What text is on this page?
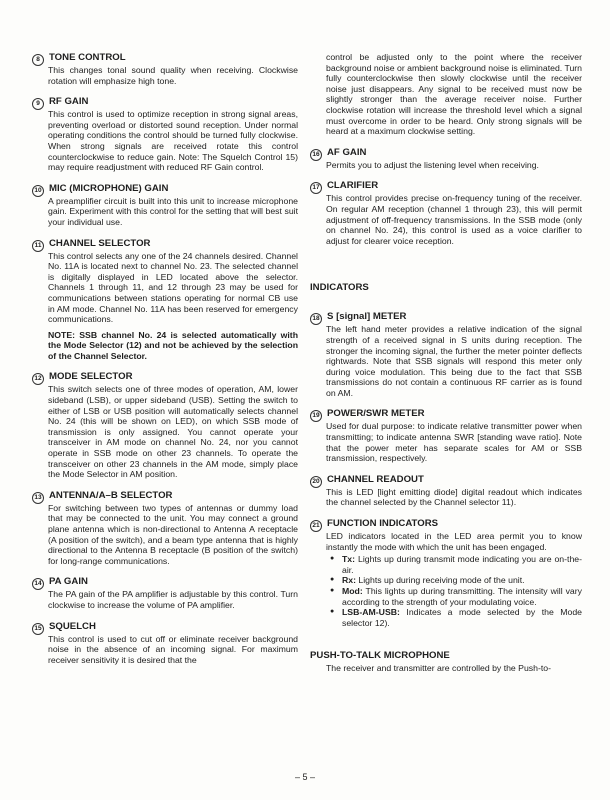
8 TONE CONTROL

This changes tonal sound quality when receiving. Clockwise rotation will emphasize high tone.

9 RF GAIN

This control is used to optimize reception in strong signal areas, preventing overload or distorted sound reception. Under normal operating conditions the control should be turned fully clockwise. When strong signals are received rotate this control counterclockwise to reduce gain. Note: The Squelch Control 15) may require readjustment with reduced RF Gain control.

10 MIC (MICROPHONE) GAIN

A preamplifier circuit is built into this unit to increase microphone gain. Experiment with this control for the setting that will best suit your individual use.

11 CHANNEL SELECTOR

This control selects any one of the 24 channels desired. Channel No. 11A is located next to channel No. 23. The selected channel is digitally displayed in LED located above the selector. Channels 1 through 11, and 12 through 23 may be used for communications between stations operating for normal CB use in AM mode. Channel No. 11A has been reserved for emergency communications.

NOTE: SSB channel No. 24 is selected automatically with the Mode Selector (12) and not be achieved by the selection of the Channel Selector.

12 MODE SELECTOR

This switch selects one of three modes of operation, AM, lower sideband (LSB), or upper sideband (USB). Setting the switch to either of LSB or USB position will automatically selects channel No. 24 (this will be shown on LED), on which SSB mode of transmission is only assigned. You cannot operate your transceiver in AM mode on channel No. 24, nor you cannot operate in SSB mode on other 23 channels. To operate the transceiver on other 23 channels in the AM mode, simply place the Mode Selector in AM position.

13 ANTENNA/A–B SELECTOR

For switching between two types of antennas or dummy load that may be connected to the unit. You may connect a ground plane antenna which is non-directional to Antenna A receptacle (A position of the switch), and a beam type antenna that is highly directional to the Antenna B receptacle (B position of the switch) for long-range communications.

14 PA GAIN

The PA gain of the PA amplifier is adjustable by this control. Turn clockwise to increase the volume of PA amplifier.

15 SQUELCH

This control is used to cut off or eliminate receiver background noise in the absence of an incoming signal. For maximum receiver sensitivity it is desired that the

control be adjusted only to the point where the receiver background noise or ambient background noise is eliminated. Turn fully counterclockwise then slowly clockwise until the receiver noise just disappears. Any signal to be received must now be slightly stronger than the average receiver noise. Further clockwise rotation will increase the threshold level which a signal must overcome in order to be heard. Only strong signals will be heard at a maximum clockwise setting.

16 AF GAIN

Permits you to adjust the listening level when receiving.

17 CLARIFIER

This control provides precise on-frequency tuning of the receiver. On regular AM reception (channel 1 through 23), this will permit adjustment of off-frequency transmissions. In the SSB mode (only on channel No. 24), this control is used as a voice clarifier to adjust for clearer voice reception.

INDICATORS
18 S [signal] METER

The left hand meter provides a relative indication of the signal strength of a received signal in S units during reception. The stronger the incoming signal, the further the meter pointer deflects rightwards. Note that SSB signals will respond this meter only during voice modulation. This being due to the fact that SSB transmissions do not contain a continuous RF carrier as is found on AM.

19 POWER/SWR METER

Used for dual purpose: to indicate relative transmitter power when transmitting; to indicate antenna SWR [standing wave ratio]. Note that the power meter has separate scales for AM or SSB transmission, respectively.

20 CHANNEL READOUT

This is LED [light emitting diode] digital readout which indicates the channel selected by the Channel selector 11).

21 FUNCTION INDICATORS

LED indicators located in the LED area permit you to know instantly the mode with which the unit has been engaged.

● Tx: Lights up during transmit mode indicating you are on-the-air.
● Rx: Lights up during receiving mode of the unit.
● Mod: This lights up during transmitting. The intensity will vary according to the strength of your modulating voice.
● LSB-AM-USB: Indicates a mode selected by the Mode selector 12).
PUSH-TO-TALK MICROPHONE

The receiver and transmitter are controlled by the Push-to-

– 5 –
